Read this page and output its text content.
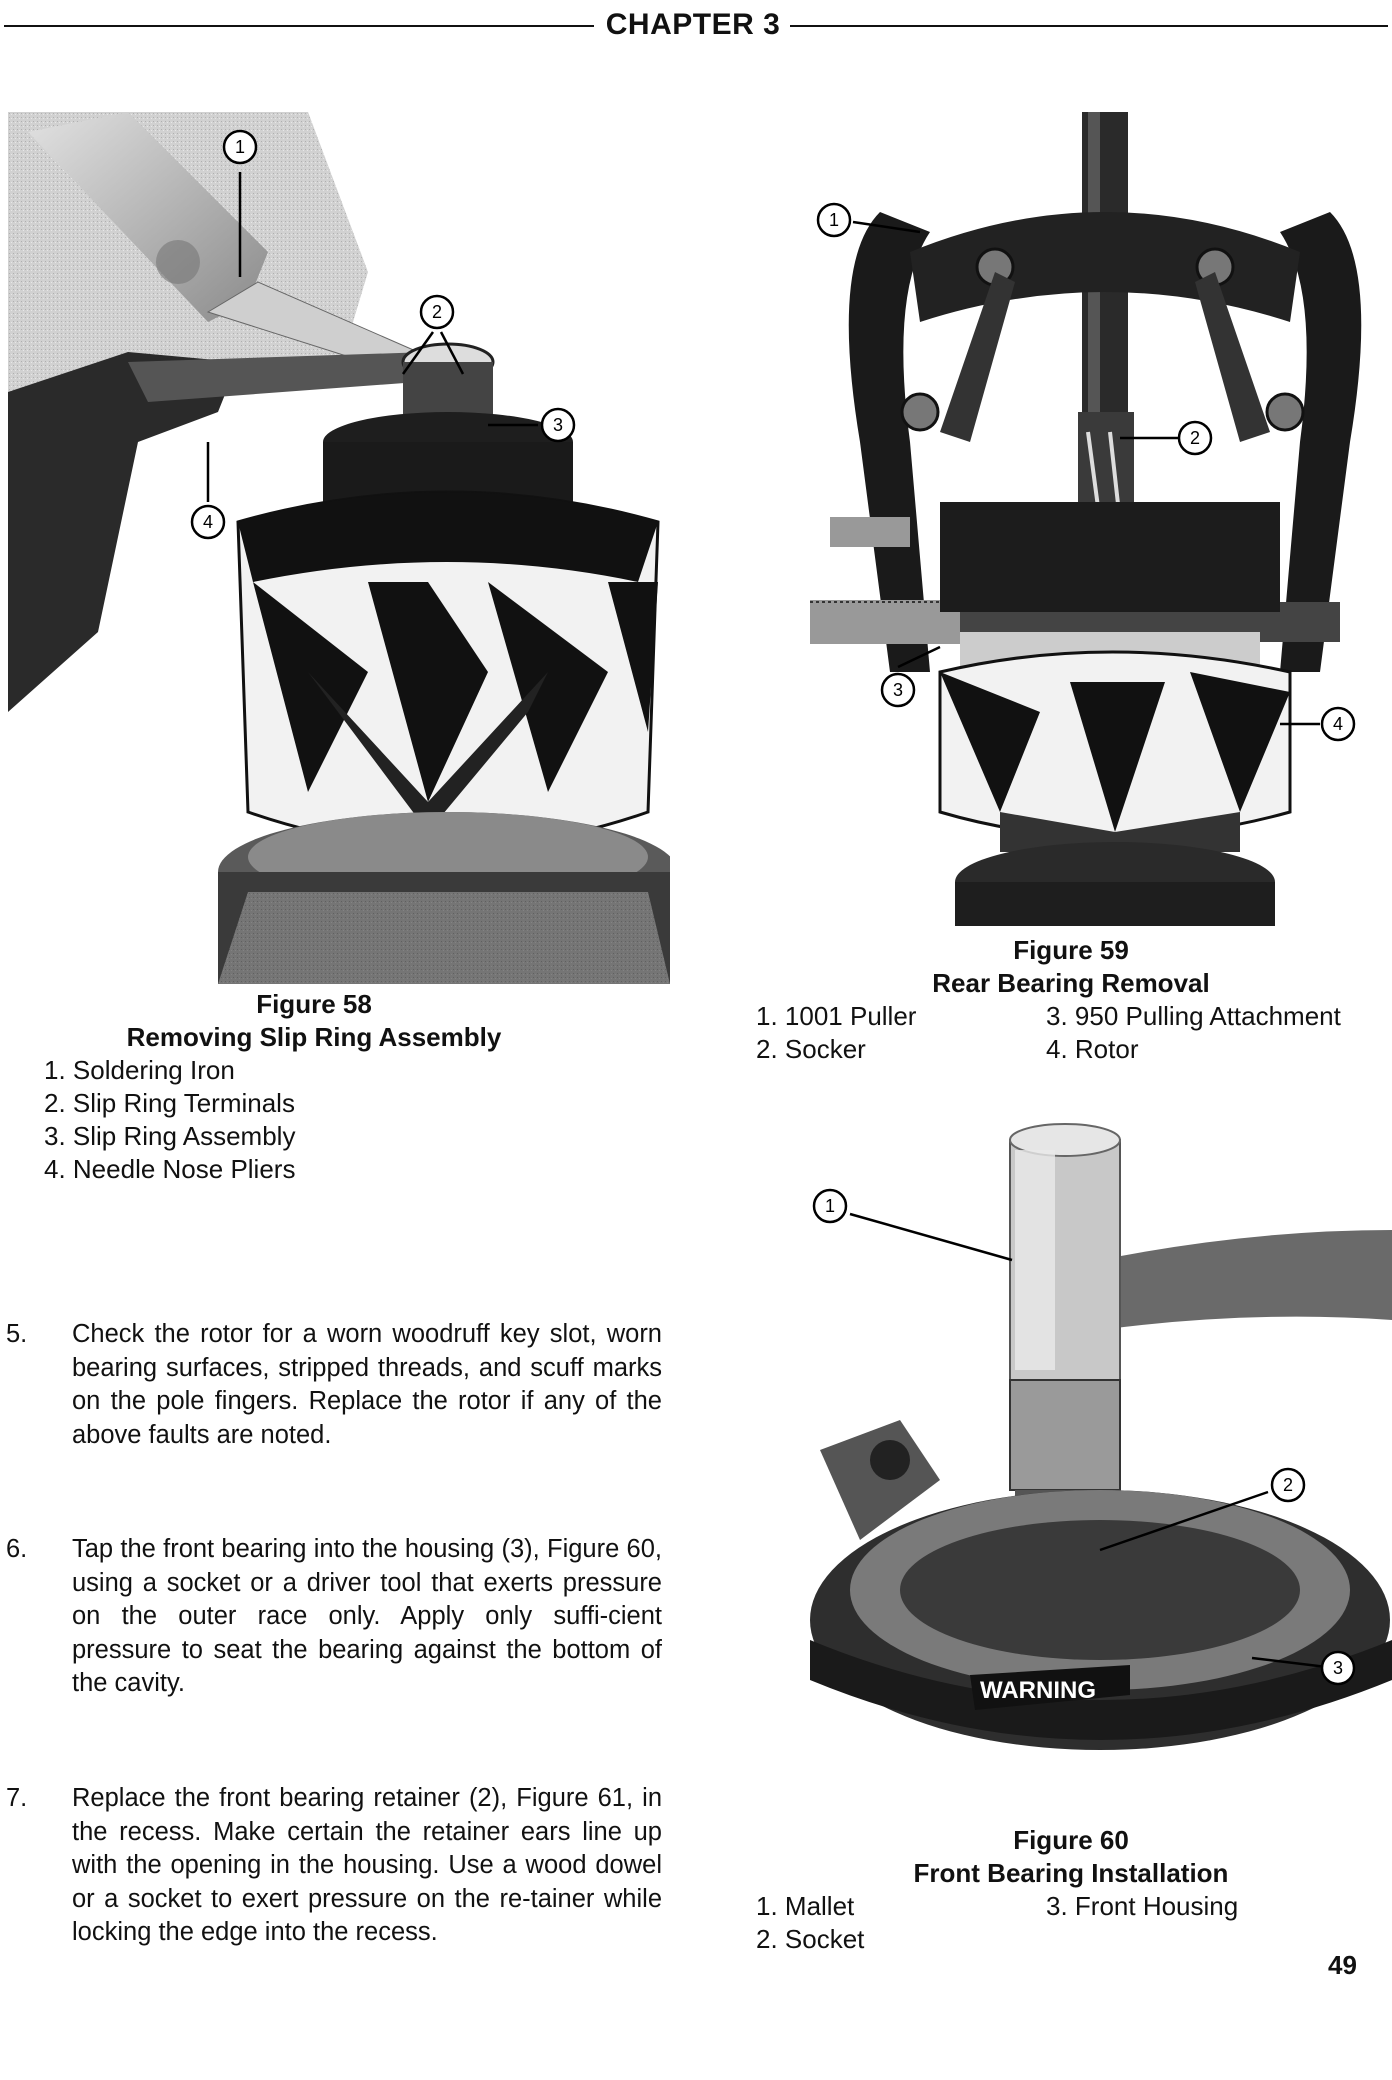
CHAPTER 3
1
2
3
4
Figure 58
Removing Slip Ring Assembly
1. Soldering Iron
2. Slip Ring Terminals
3. Slip Ring Assembly
4. Needle Nose Pliers
1
2
3
4
Figure 59
Rear Bearing Removal
1. 1001 Puller	3. 950 Pulling Attachment
2. Socker	4. Rotor
WARNING
1
2
3
Figure 60
Front Bearing Installation
1. Mallet	3. Front Housing
2. Socket
5.	Check the rotor for a worn woodruff key slot, worn bearing surfaces, stripped threads, and scuff marks on the pole fingers. Replace the rotor if any of the above faults are noted.
6.	Tap the front bearing into the housing (3), Figure 60, using a socket or a driver tool that exerts pressure on the outer race only. Apply only suffi-cient pressure to seat the bearing against the bottom of the cavity.
7.	Replace the front bearing retainer (2), Figure 61, in the recess. Make certain the retainer ears line up with the opening in the housing. Use a wood dowel or a socket to exert pressure on the re-tainer while locking the edge into the recess.
49
